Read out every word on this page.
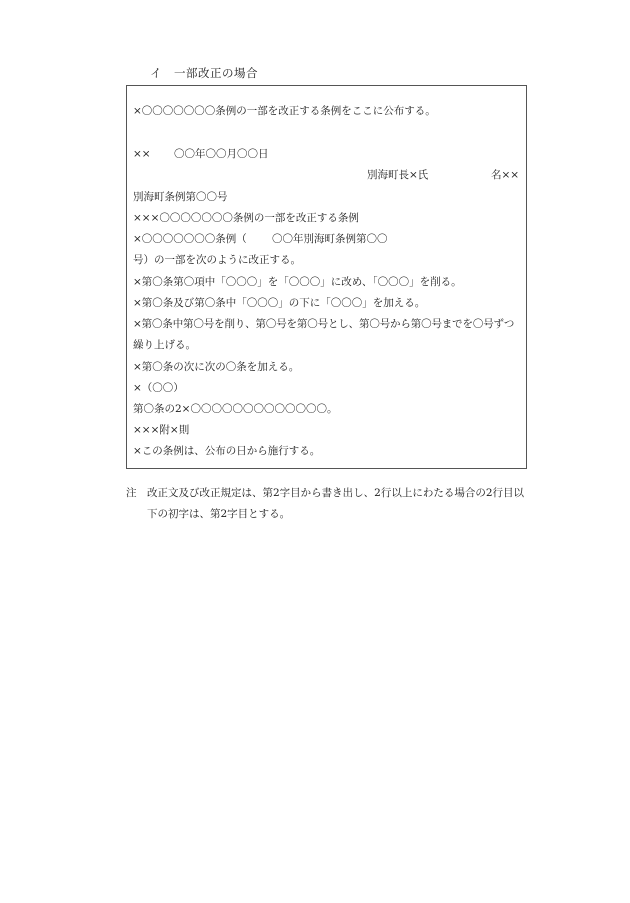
イ　一部改正の場合
×〇〇〇〇〇〇〇条例の一部を改正する条例をここに公布する。
×× 〇〇年〇〇月〇〇日
別海町長×氏	名××
別海町条例第〇〇号
×××〇〇〇〇〇〇〇条例の一部を改正する条例
×〇〇〇〇〇〇〇条例（ 〇〇年別海町条例第〇〇
号）の一部を次のように改正する。
×第〇条第〇項中「〇〇〇」を「〇〇〇」に改め、「〇〇〇」を削る。
×第〇条及び第〇条中「〇〇〇」の下に「〇〇〇」を加える。
×第〇条中第〇号を削り、第〇号を第〇号とし、第〇号から第〇号までを〇号ずつ
繰り上げる。
×第〇条の次に次の〇条を加える。
×（〇〇）
第〇条の2×〇〇〇〇〇〇〇〇〇〇〇〇〇。
×××附×則
×この条例は、公布の日から施行する。
注　改正文及び改正規定は、第2字目から書き出し、2行以上にわたる場合の2行目以
　　下の初字は、第2字目とする。
